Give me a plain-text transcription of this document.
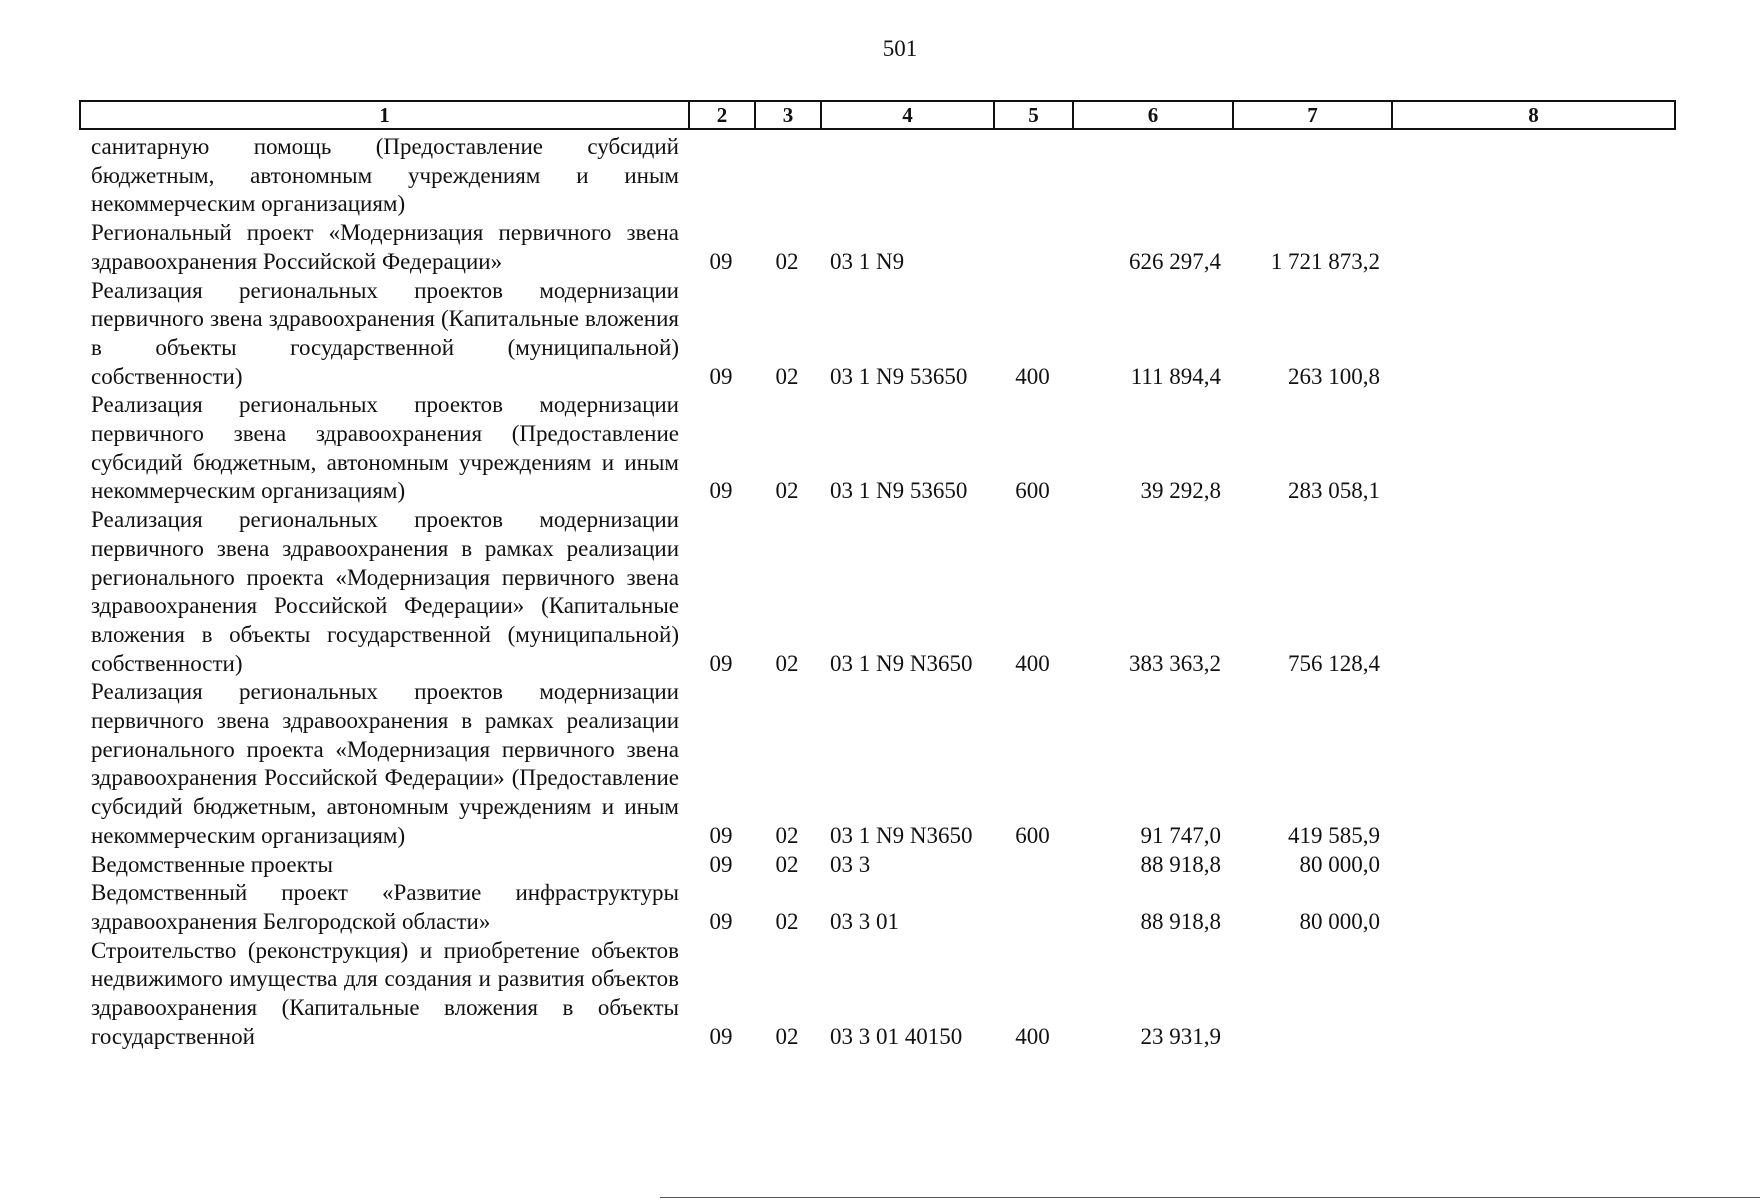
501
1	2	3	4	5	6	7	8
санитарную помощь (Предоставление субсидий бюджетным, автономным учреждениям и иным некоммерческим организациям)							
Региональный проект «Модернизация первичного звена здравоохранения Российской Федерации»	09	02	03 1 N9		626 297,4	1 721 873,2	
Реализация региональных проектов модернизации первичного звена здравоохранения (Капитальные вложения в объекты государственной (муниципальной) собственности)	09	02	03 1 N9 53650	400	111 894,4	263 100,8	
Реализация региональных проектов модернизации первичного звена здравоохранения (Предоставление субсидий бюджетным, автономным учреждениям и иным некоммерческим организациям)	09	02	03 1 N9 53650	600	39 292,8	283 058,1	
Реализация региональных проектов модернизации первичного звена здравоохранения в рамках реализации регионального проекта «Модернизация первичного звена здравоохранения Российской Федерации» (Капитальные вложения в объекты государственной (муниципальной) собственности)	09	02	03 1 N9 N3650	400	383 363,2	756 128,4	
Реализация региональных проектов модернизации первичного звена здравоохранения в рамках реализации регионального проекта «Модернизация первичного звена здравоохранения Российской Федерации» (Предоставление субсидий бюджетным, автономным учреждениям и иным некоммерческим организациям)	09	02	03 1 N9 N3650	600	91 747,0	419 585,9	
Ведомственные проекты	09	02	03 3		88 918,8	80 000,0	
Ведомственный проект «Развитие инфраструктуры здравоохранения Белгородской области»	09	02	03 3 01		88 918,8	80 000,0	
Строительство (реконструкция) и приобретение объектов недвижимого имущества для создания и развития объектов здравоохранения (Капитальные вложения в объекты государственной	09	02	03 3 01 40150	400	23 931,9		
